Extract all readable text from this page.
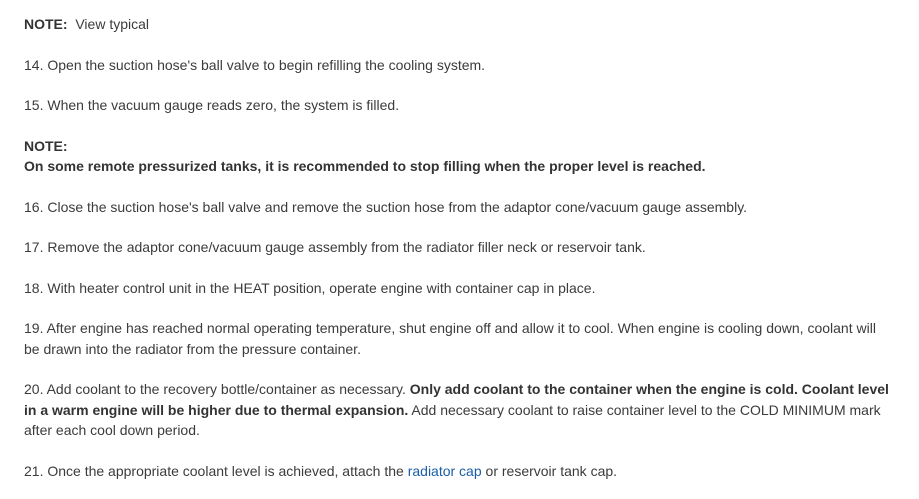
NOTE: View typical

14. Open the suction hose's ball valve to begin refilling the cooling system.

15. When the vacuum gauge reads zero, the system is filled.

NOTE:
On some remote pressurized tanks, it is recommended to stop filling when the proper level is reached.

16. Close the suction hose's ball valve and remove the suction hose from the adaptor cone/vacuum gauge assembly.

17. Remove the adaptor cone/vacuum gauge assembly from the radiator filler neck or reservoir tank.

18. With heater control unit in the HEAT position, operate engine with container cap in place.

19. After engine has reached normal operating temperature, shut engine off and allow it to cool. When engine is cooling down, coolant will be drawn into the radiator from the pressure container.

20. Add coolant to the recovery bottle/container as necessary. Only add coolant to the container when the engine is cold. Coolant level in a warm engine will be higher due to thermal expansion. Add necessary coolant to raise container level to the COLD MINIMUM mark after each cool down period.

21. Once the appropriate coolant level is achieved, attach the radiator cap or reservoir tank cap.
